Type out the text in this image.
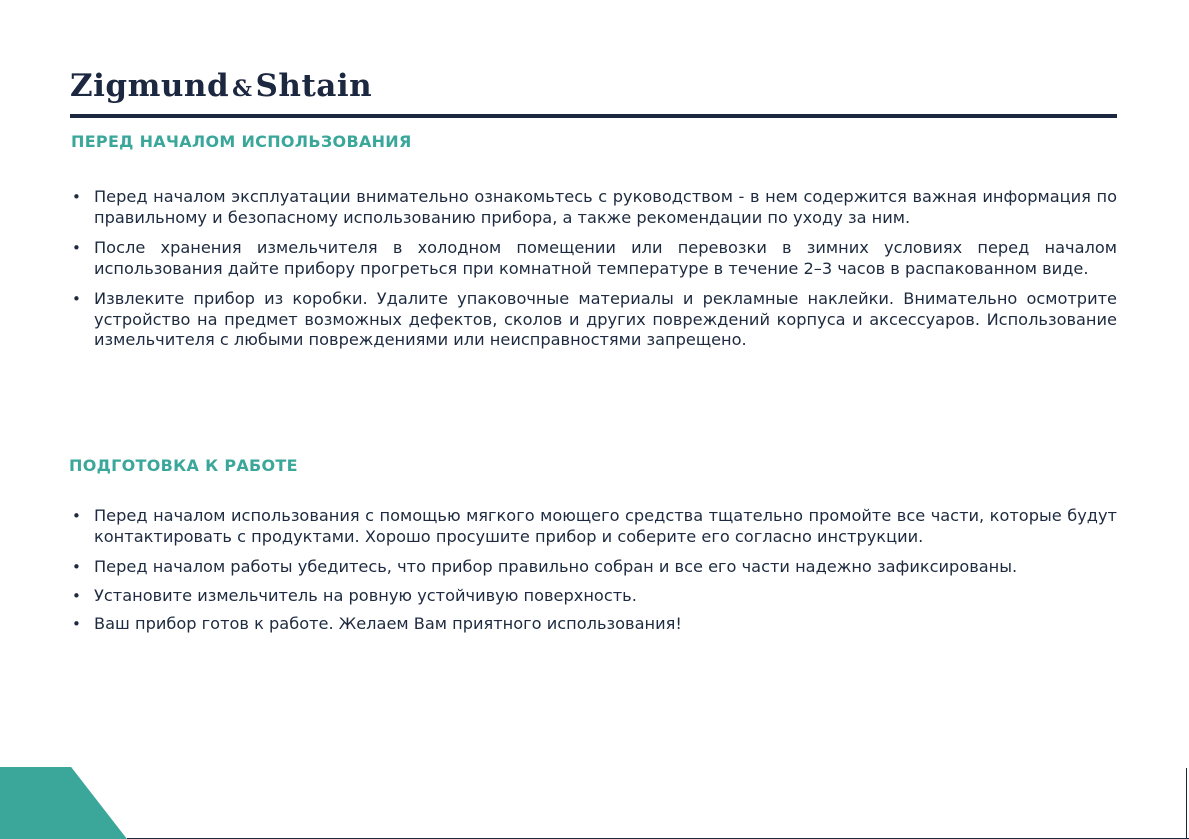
Zigmund &Shtain
ПЕРЕД НАЧАЛОМ ИСПОЛЬЗОВАНИЯ
• Перед началом эксплуатации внимательно ознакомьтесь с руководством - в нем содержится важная информация по правильному и безопасному использованию прибора, а также рекомендации по уходу за ним.
• После хранения измельчителя в холодном помещении или перевозки в зимних условиях перед началом использования дайте прибору прогреться при комнатной температуре в течение 2–3 часов в распакованном виде.
• Извлеките прибор из коробки. Удалите упаковочные материалы и рекламные наклейки. Внимательно осмотрите устройство на предмет возможных дефектов, сколов и других повреждений корпуса и аксессуаров. Использование измельчителя с любыми повреждениями или неисправностями запрещено.
ПОДГОТОВКА К РАБОТЕ
• Перед началом использования с помощью мягкого моющего средства тщательно промойте все части, которые будут контактировать с продуктами. Хорошо просушите прибор и соберите его согласно инструкции.
• Перед началом работы убедитесь, что прибор правильно собран и все его части надежно зафиксированы.
• Установите измельчитель на ровную устойчивую поверхность.
• Ваш прибор готов к работе. Желаем Вам приятного использования!
